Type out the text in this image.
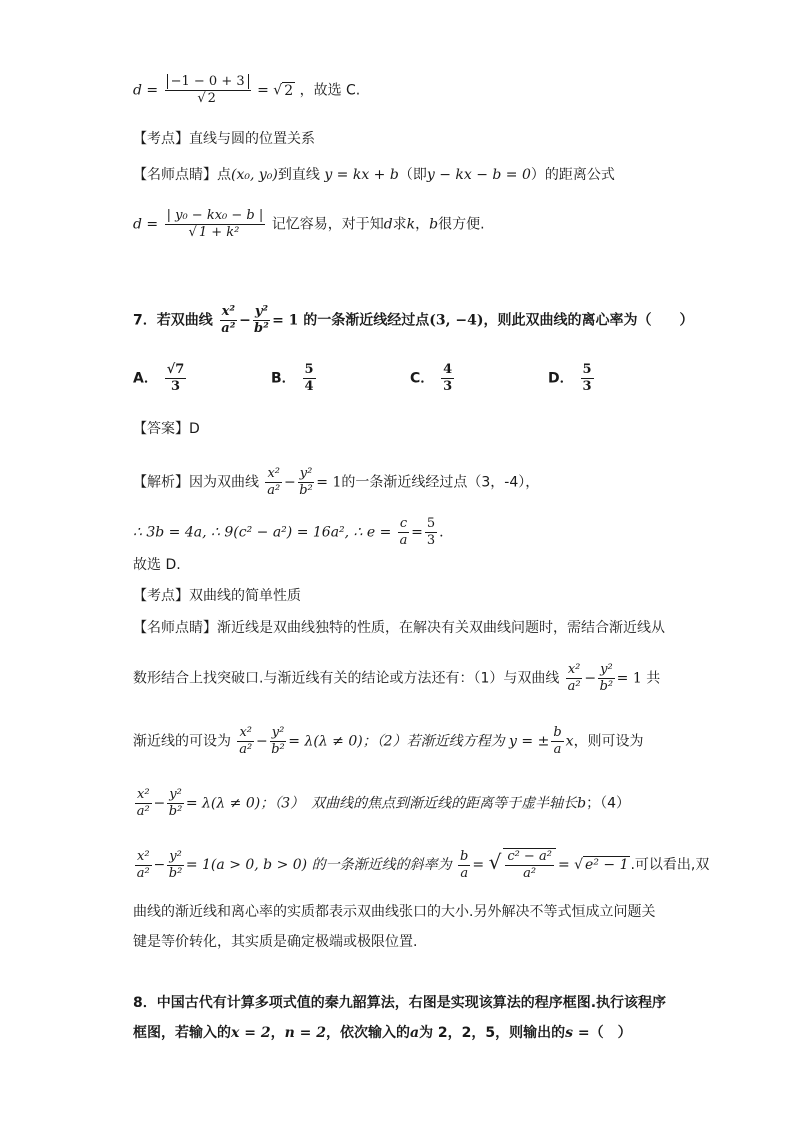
$d = \frac{-1 - 0 + 3}{√ 2}$ = √ 2 ，故选 C.
【考点】直线与圆的位置关系
【名师点睛】点(x₀, y₀)到直线 y = kx + b（即y − kx − b = 0）的距离公式
$d = \frac{\text{| y₀ − kx₀ − b |}}{\text{√ 1 + k²}}$ 记忆容易，对于知d求k，b很方便.
7．若双曲线 $\frac{\text{x²}}{\text{a²}} - \frac{\text{y²}}{\text{b²}} = 1$ 的一条渐近线经过点(3, −4)，则此双曲线的离心率为（　　）
A． $\frac{√7}{3}$	B． $\frac{5}{4}$	C． $\frac{4}{3}$	D． $\frac{5}{3}$
【答案】D
【解析】因为双曲线 $\frac{\text{x²}}{\text{a²}} - \frac{\text{y²}}{\text{b²}} = 1$的一条渐近线经过点（3，-4），
∴ 3b = 4a, ∴ 9(c² − a²) = 16a², ∴ $e = \frac{c}{a} = \frac{5}{3}$ .
故选 D.
【考点】双曲线的简单性质
【名师点睛】渐近线是双曲线独特的性质，在解决有关双曲线问题时，需结合渐近线从
数形结合上找突破口.与渐近线有关的结论或方法还有：（1）与双曲线 $\frac{\text{x²}}{\text{a²}} - \frac{\text{y²}}{\text{b²}} = 1$ 共
渐近线的可设为 $\frac{\text{x²}}{\text{a²}} - \frac{\text{y²}}{\text{b²}} = \lambda(\lambda \ne 0)$；（2）若渐近线方程为 y = ± $\frac{b}{a}$ x，则可设为
$\frac{\text{x²}}{\text{a²}} - \frac{\text{y²}}{\text{b²}} = \lambda(\lambda \ne 0)$；（3）　双曲线的焦点到渐近线的距离等于虚半轴长b；（4）
$\frac{\text{x²}}{\text{a²}} - \frac{\text{y²}}{\text{b²}} = 1(a > 0$, b > 0) 的一条渐近线的斜率为 $\frac{b}{a}$ = √ $\frac{\text{c² − a²}}{\text{a²}}$ = √ e² − 1 .可以看出,双
曲线的渐近线和离心率的实质都表示双曲线张口的大小.另外解决不等式恒成立问题关
键是等价转化，其实质是确定极端或极限位置.
8．中国古代有计算多项式值的秦九韶算法，右图是实现该算法的程序框图.执行该程序
框图，若输入的x = 2，n = 2，依次输入的a为 2，2，5，则输出的s =（　）
